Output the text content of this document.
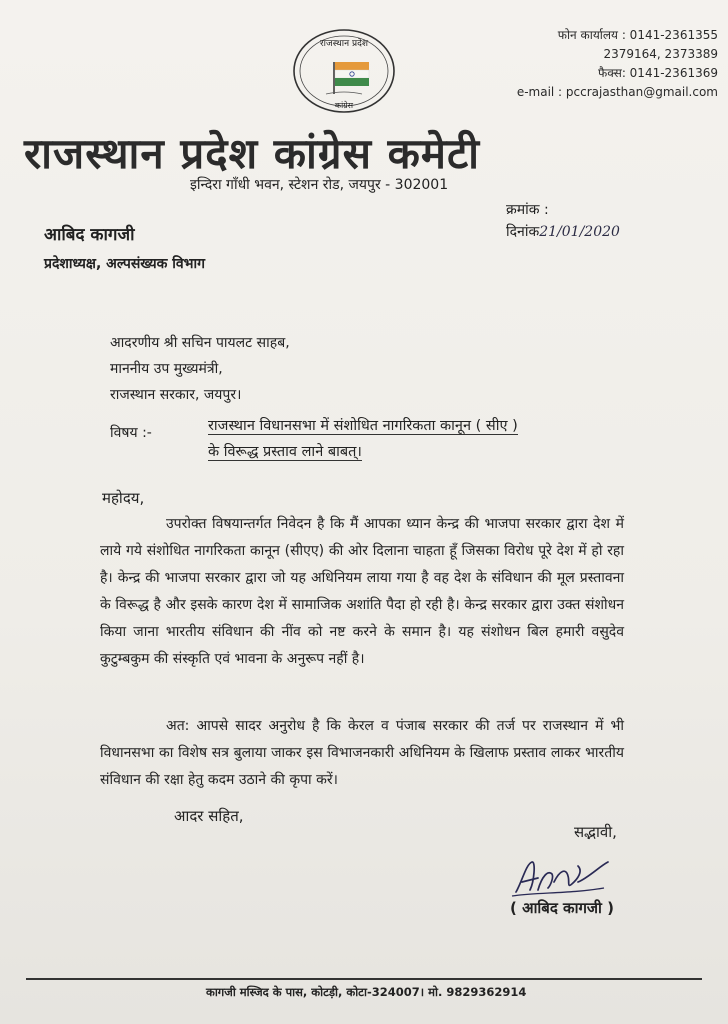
राजस्थान प्रदेश
कांग्रेस
फोन कार्यालय : 0141-2361355
2379164, 2373389
फैक्स: 0141-2361369
e-mail : pccrajasthan@gmail.com
राजस्थान प्रदेश कांग्रेस कमेटी
इन्दिरा गाँधी भवन, स्टेशन रोड, जयपुर - 302001
क्रमांक :
दिनांक21/01/2020
आबिद कागजी
प्रदेशाध्यक्ष, अल्पसंख्यक विभाग
आदरणीय श्री सचिन पायलट साहब,
माननीय उप मुख्यमंत्री,
राजस्थान सरकार, जयपुर।
विषय :-	राजस्थान विधानसभा में संशोधित नागरिकता कानून ( सीए )
के विरूद्ध प्रस्ताव लाने बाबत्।
महोदय,
उपरोक्त विषयान्तर्गत निवेदन है कि मैं आपका ध्यान केन्द्र की भाजपा सरकार द्वारा देश में लाये गये संशोधित नागरिकता कानून (सीएए) की ओर दिलाना चाहता हूँ जिसका विरोध पूरे देश में हो रहा है। केन्द्र की भाजपा सरकार द्वारा जो यह अधिनियम लाया गया है वह देश के संविधान की मूल प्रस्तावना के विरूद्ध है और इसके कारण देश में सामाजिक अशांति पैदा हो रही है। केन्द्र सरकार द्वारा उक्त संशोधन किया जाना भारतीय संविधान की नींव को नष्ट करने के समान है। यह संशोधन बिल हमारी वसुदेव कुटुम्बकुम की संस्कृति एवं भावना के अनुरूप नहीं है।
अत: आपसे सादर अनुरोध है कि केरल व पंजाब सरकार की तर्ज पर राजस्थान में भी विधानसभा का विशेष सत्र बुलाया जाकर इस विभाजनकारी अधिनियम के खिलाफ प्रस्ताव लाकर भारतीय संविधान की रक्षा हेतु कदम उठाने की कृपा करें।
आदर सहित,
सद्भावी,
( आबिद कागजी )
कागजी मस्जिद के पास, कोटड़ी, कोटा-324007। मो. 9829362914
